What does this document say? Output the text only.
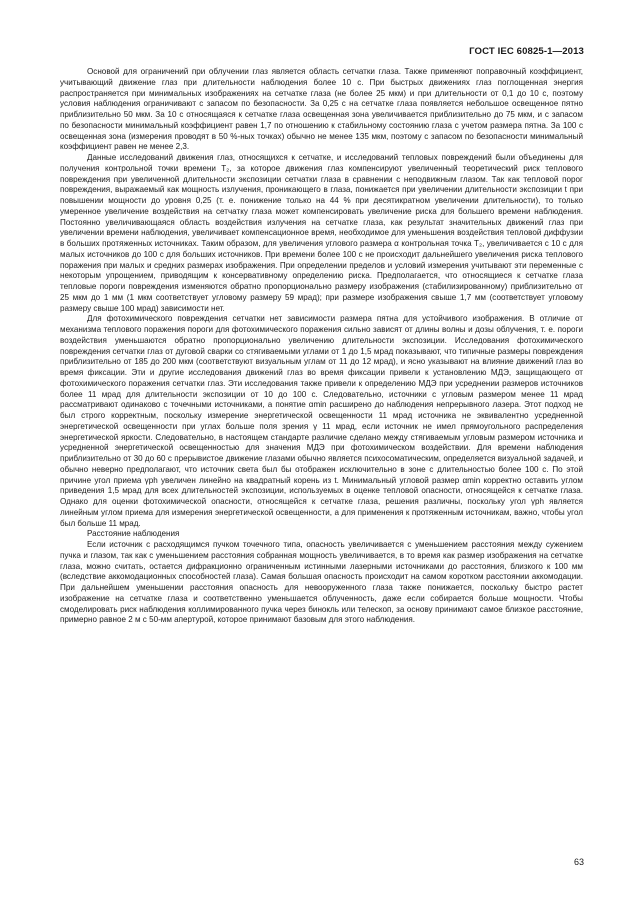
ГОСТ IEC 60825-1—2013

Основой для ограничений при облучении глаз является область сетчатки глаза. Также применяют поправочный коэффициент, учитывающий движение глаз при длительности наблюдения более 10 с. При быстрых движениях глаз поглощенная энергия распространяется при минимальных изображениях на сетчатке глаза (не более 25 мкм) и при длительности от 0,1 до 10 с, поэтому условия наблюдения ограничивают с запасом по безопасности. За 0,25 с на сетчатке глаза появляется небольшое освещенное пятно приблизительно 50 мкм. За 10 с относящаяся к сетчатке глаза освещенная зона увеличивается приблизительно до 75 мкм, и с запасом по безопасности минимальный коэффициент равен 1,7 по отношению к стабильному состоянию глаза с учетом размера пятна. За 100 с освещенная зона (измерения проводят в 50 %-ных точках) обычно не менее 135 мкм, поэтому с запасом по безопасности минимальный коэффициент равен не менее 2,3.

Данные исследований движения глаз, относящихся к сетчатке, и исследований тепловых повреждений были объединены для получения контрольной точки времени T₂, за которое движения глаз компенсируют увеличенный теоретический риск теплового повреждения при увеличенной длительности экспозиции сетчатки глаза в сравнении с неподвижным глазом. Так как тепловой порог повреждения, выражаемый как мощность излучения, проникающего в глаза, понижается при увеличении длительности экспозиции t при повышении мощности до уровня 0,25 (т. е. понижение только на 44 % при десятикратном увеличении длительности), то только умеренное увеличение воздействия на сетчатку глаза может компенсировать увеличение риска для большего времени наблюдения. Постоянно увеличивающаяся область воздействия излучения на сетчатке глаза, как результат значительных движений глаз при увеличении времени наблюдения, увеличивает компенсационное время, необходимое для уменьшения воздействия тепловой диффузии в больших протяженных источниках. Таким образом, для увеличения углового размера α контрольная точка T₂, увеличивается с 10 с для малых источников до 100 с для больших источников. При времени более 100 с не происходит дальнейшего увеличения риска теплового поражения при малых и средних размерах изображения. При определении пределов и условий измерения учитывают эти переменные с некоторым упрощением, приводящим к консервативному определению риска. Предполагается, что относящиеся к сетчатке глаза тепловые пороги повреждения изменяются обратно пропорционально размеру изображения (стабилизированному) приблизительно от 25 мкм до 1 мм (1 мкм соответствует угловому размеру 59 мрад); при размере изображения свыше 1,7 мм (соответствует угловому размеру свыше 100 мрад) зависимости нет.

Для фотохимического повреждения сетчатки нет зависимости размера пятна для устойчивого изображения. В отличие от механизма теплового поражения пороги для фотохимического поражения сильно зависят от длины волны и дозы облучения, т. е. пороги воздействия уменьшаются обратно пропорционально увеличению длительности экспозиции. Исследования фотохимического повреждения сетчатки глаз от дуговой сварки со стягиваемыми углами от 1 до 1,5 мрад показывают, что типичные размеры повреждения приблизительно от 185 до 200 мкм (соответствуют визуальным углам от 11 до 12 мрад), и ясно указывают на влияние движений глаз во время фиксации. Эти и другие исследования движений глаз во время фиксации привели к установлению МДЭ, защищающего от фотохимического поражения сетчатки глаз. Эти исследования также привели к определению МДЭ при усреднении размеров источников более 11 мрад для длительности экспозиции от 10 до 100 с. Следовательно, источники с угловым размером менее 11 мрад рассматривают одинаково с точечными источниками, а понятие αmin расширено до наблюдения непрерывного лазера. Этот подход не был строго корректным, поскольку измерение энергетической освещенности 11 мрад источника не эквивалентно усредненной энергетической освещенности при углах больше поля зрения γ 11 мрад, если источник не имел прямоугольного распределения энергетической яркости. Следовательно, в настоящем стандарте различие сделано между стягиваемым угловым размером источника и усредненной энергетической освещенностью для значения МДЭ при фотохимическом воздействии. Для времени наблюдения приблизительно от 30 до 60 с прерывистое движение глазами обычно является психосоматическим, определяется визуальной задачей, и обычно неверно предполагают, что источник света был бы отображен исключительно в зоне с длительностью более 100 с. По этой причине угол приема γph увеличен линейно на квадратный корень из t. Минимальный угловой размер αmin корректно оставить углом приведения 1,5 мрад для всех длительностей экспозиции, используемых в оценке тепловой опасности, относящейся к сетчатке глаза. Однако для оценки фотохимической опасности, относящейся к сетчатке глаза, решения различны, поскольку угол γph является линейным углом приема для измерения энергетической освещенности, а для применения к протяженным источникам, важно, чтобы угол был больше 11 мрад.

Расстояние наблюдения

Если источник с расходящимся пучком точечного типа, опасность увеличивается с уменьшением расстояния между сужением пучка и глазом, так как с уменьшением расстояния собранная мощность увеличивается, в то время как размер изображения на сетчатке глаза, можно считать, остается дифракционно ограниченным истинными лазерными источниками до расстояния, близкого к 100 мм (вследствие аккомодационных способностей глаза). Самая большая опасность происходит на самом коротком расстоянии аккомодации. При дальнейшем уменьшении расстояния опасность для невооруженного глаза также понижается, поскольку быстро растет изображение на сетчатке глаза и соответственно уменьшается облученность, даже если собирается больше мощности. Чтобы смоделировать риск наблюдения коллимированного пучка через бинокль или телескоп, за основу принимают самое близкое расстояние, примерно равное 2 м с 50-мм апертурой, которое принимают базовым для этого наблюдения.

63
